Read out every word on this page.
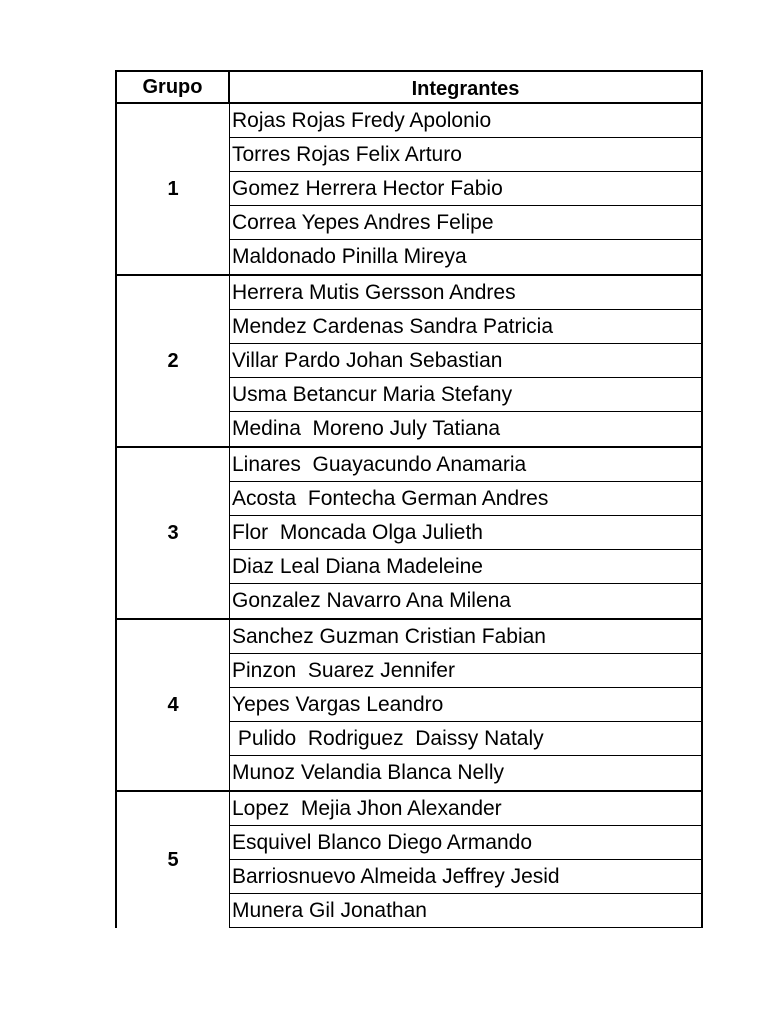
Grupo	Integrantes
1
Rojas Rojas Fredy Apolonio
Torres Rojas Felix Arturo
Gomez Herrera Hector Fabio
Correa Yepes Andres Felipe
Maldonado Pinilla Mireya
2
Herrera Mutis Gersson Andres
Mendez Cardenas Sandra Patricia
Villar Pardo Johan Sebastian
Usma Betancur Maria Stefany
Medina  Moreno July Tatiana
3
Linares  Guayacundo Anamaria
Acosta  Fontecha German Andres
Flor  Moncada Olga Julieth
Diaz Leal Diana Madeleine
Gonzalez Navarro Ana Milena
4
Sanchez Guzman Cristian Fabian
Pinzon  Suarez Jennifer
Yepes Vargas Leandro
Pulido  Rodriguez  Daissy Nataly
Munoz Velandia Blanca Nelly
5
Lopez  Mejia Jhon Alexander
Esquivel Blanco Diego Armando
Barriosnuevo Almeida Jeffrey Jesid
Munera Gil Jonathan
